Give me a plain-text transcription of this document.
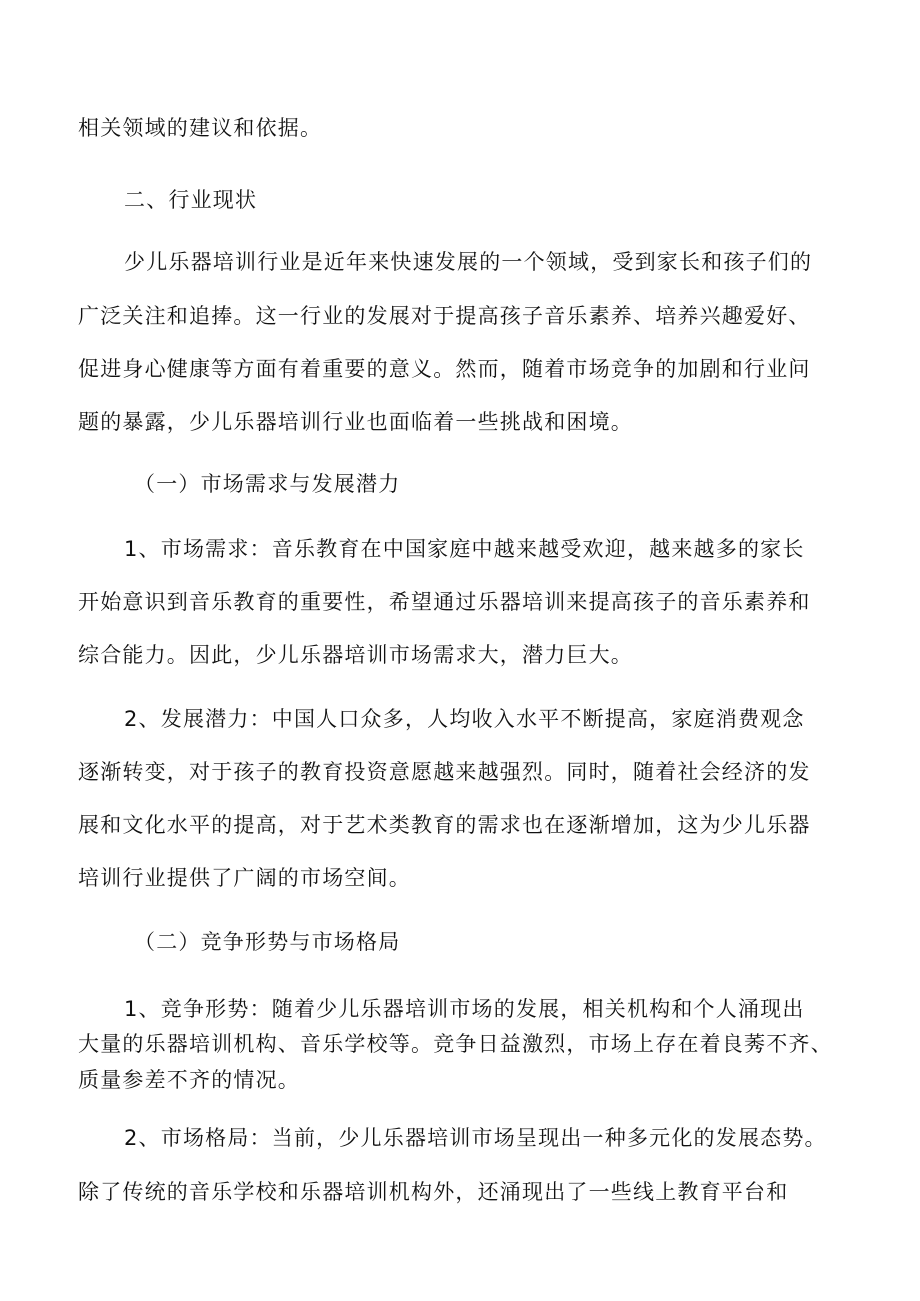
相关领域的建议和依据。
二、行业现状
少儿乐器培训行业是近年来快速发展的一个领域，受到家长和孩子们的
广泛关注和追捧。这一行业的发展对于提高孩子音乐素养、培养兴趣爱好、
促进身心健康等方面有着重要的意义。然而，随着市场竞争的加剧和行业问
题的暴露，少儿乐器培训行业也面临着一些挑战和困境。
（一）市场需求与发展潜力
1、市场需求：音乐教育在中国家庭中越来越受欢迎，越来越多的家长
开始意识到音乐教育的重要性，希望通过乐器培训来提高孩子的音乐素养和
综合能力。因此，少儿乐器培训市场需求大，潜力巨大。
2、发展潜力：中国人口众多，人均收入水平不断提高，家庭消费观念
逐渐转变，对于孩子的教育投资意愿越来越强烈。同时，随着社会经济的发
展和文化水平的提高，对于艺术类教育的需求也在逐渐增加，这为少儿乐器
培训行业提供了广阔的市场空间。
（二）竞争形势与市场格局
1、竞争形势：随着少儿乐器培训市场的发展，相关机构和个人涌现出
大量的乐器培训机构、音乐学校等。竞争日益激烈，市场上存在着良莠不齐、
质量参差不齐的情况。
2、市场格局：当前，少儿乐器培训市场呈现出一种多元化的发展态势。
除了传统的音乐学校和乐器培训机构外，还涌现出了一些线上教育平台和
